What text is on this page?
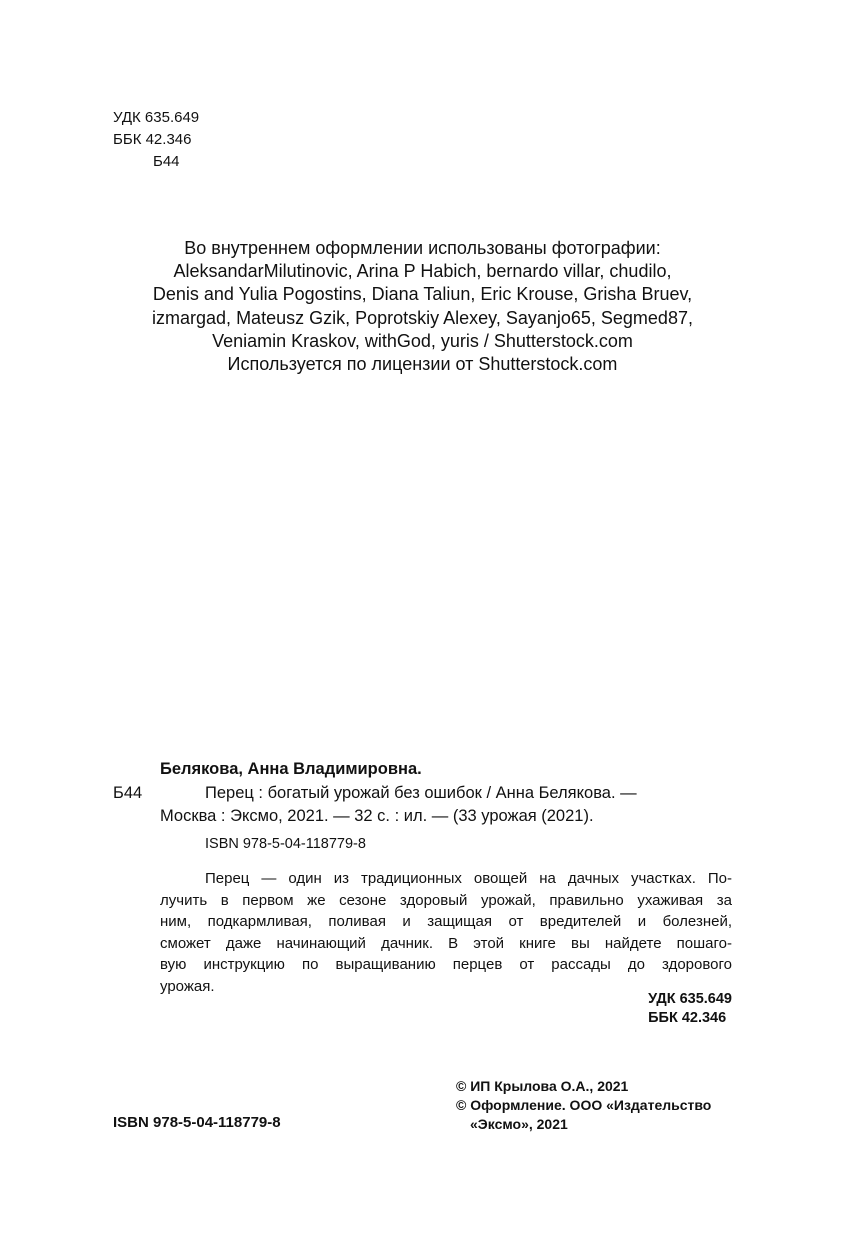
УДК 635.649
ББК 42.346
Б44
Во внутреннем оформлении использованы фотографии:
AleksandarMilutinovic, Arina P Habich, bernardo villar, chudilo,
Denis and Yulia Pogostins, Diana Taliun, Eric Krouse, Grisha Bruev,
izmargad, Mateusz Gzik, Poprotskiy Alexey, Sayanjo65, Segmed87,
Veniamin Kraskov, withGod, yuris / Shutterstock.com
Используется по лицензии от Shutterstock.com
Белякова, Анна Владимировна.
Б44	Перец : богатый урожай без ошибок / Анна Белякова. —
Москва : Эксмо, 2021. — 32 с. : ил. — (33 урожая (2021).
ISBN 978-5-04-118779-8
Перец — один из традиционных овощей на дачных участках. По-
лучить в первом же сезоне здоровый урожай, правильно ухаживая за
ним, подкармливая, поливая и защищая от вредителей и болезней,
сможет даже начинающий дачник. В этой книге вы найдете пошаго-
вую инструкцию по выращиванию перцев от рассады до здорового
урожая.
УДК 635.649
ББК 42.346
© ИП Крылова О.А., 2021
© Оформление. ООО «Издательство
«Эксмо», 2021
ISBN 978-5-04-118779-8
